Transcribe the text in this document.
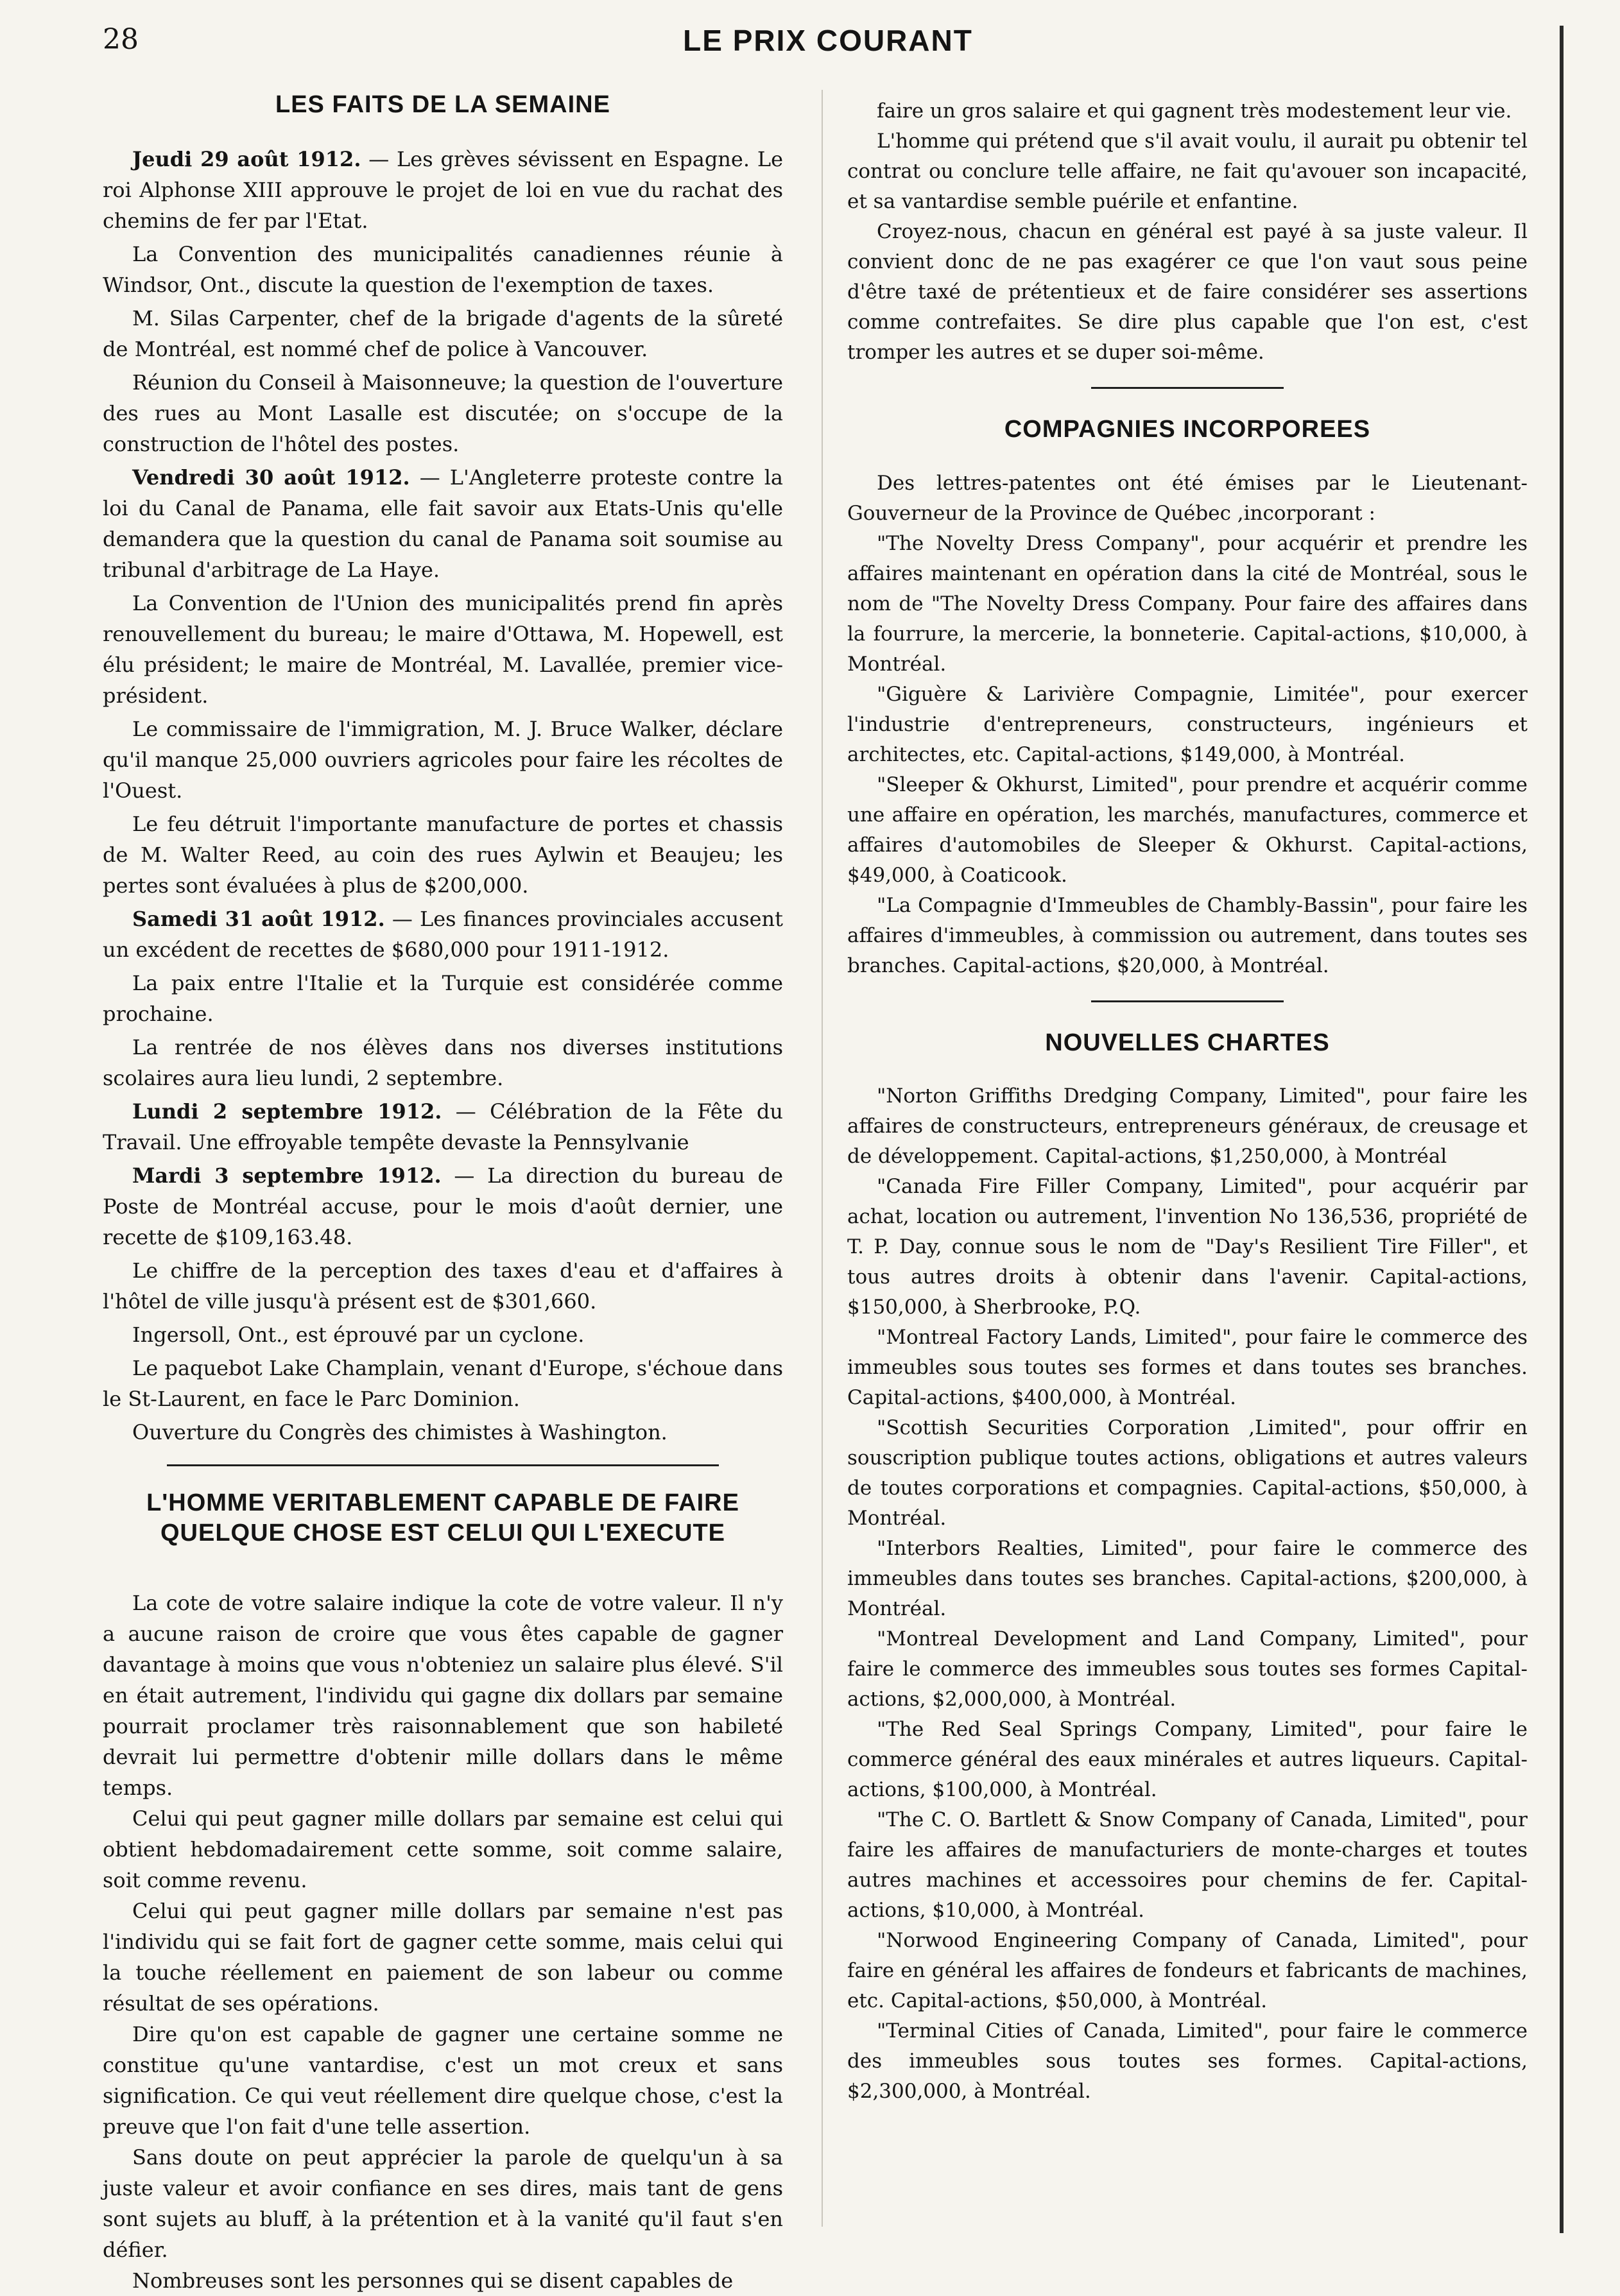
28	LE PRIX COURANT
LES FAITS DE LA SEMAINE

Jeudi 29 août 1912. — Les grèves sévissent en Espagne. Le roi Alphonse XIII approuve le projet de loi en vue du rachat des chemins de fer par l'Etat.

La Convention des municipalités canadiennes réunie à Windsor, Ont., discute la question de l'exemption de taxes.

M. Silas Carpenter, chef de la brigade d'agents de la sûreté de Montréal, est nommé chef de police à Vancouver.

Réunion du Conseil à Maisonneuve; la question de l'ouverture des rues au Mont Lasalle est discutée; on s'occupe de la construction de l'hôtel des postes.

Vendredi 30 août 1912. — L'Angleterre proteste contre la loi du Canal de Panama, elle fait savoir aux Etats-Unis qu'elle demandera que la question du canal de Panama soit soumise au tribunal d'arbitrage de La Haye.

La Convention de l'Union des municipalités prend fin après renouvellement du bureau; le maire d'Ottawa, M. Hopewell, est élu président; le maire de Montréal, M. Lavallée, premier vice-président.

Le commissaire de l'immigration, M. J. Bruce Walker, déclare qu'il manque 25,000 ouvriers agricoles pour faire les récoltes de l'Ouest.

Le feu détruit l'importante manufacture de portes et chassis de M. Walter Reed, au coin des rues Aylwin et Beaujeu; les pertes sont évaluées à plus de $200,000.

Samedi 31 août 1912. — Les finances provinciales accusent un excédent de recettes de $680,000 pour 1911-1912.

La paix entre l'Italie et la Turquie est considérée comme prochaine.

La rentrée de nos élèves dans nos diverses institutions scolaires aura lieu lundi, 2 septembre.

Lundi 2 septembre 1912. — Célébration de la Fête du Travail. Une effroyable tempête devaste la Pennsylvanie

Mardi 3 septembre 1912. — La direction du bureau de Poste de Montréal accuse, pour le mois d'août dernier, une recette de $109,163.48.

Le chiffre de la perception des taxes d'eau et d'affaires à l'hôtel de ville jusqu'à présent est de $301,660.

Ingersoll, Ont., est éprouvé par un cyclone.

Le paquebot Lake Champlain, venant d'Europe, s'échoue dans le St-Laurent, en face le Parc Dominion.

Ouverture du Congrès des chimistes à Washington.

L'HOMME VERITABLEMENT CAPABLE DE FAIRE
QUELQUE CHOSE EST CELUI QUI L'EXECUTE

La cote de votre salaire indique la cote de votre valeur. Il n'y a aucune raison de croire que vous êtes capable de gagner davantage à moins que vous n'obteniez un salaire plus élevé. S'il en était autrement, l'individu qui gagne dix dollars par semaine pourrait proclamer très raisonnablement que son habileté devrait lui permettre d'obtenir mille dollars dans le même temps.

Celui qui peut gagner mille dollars par semaine est celui qui obtient hebdomadairement cette somme, soit comme salaire, soit comme revenu.

Celui qui peut gagner mille dollars par semaine n'est pas l'individu qui se fait fort de gagner cette somme, mais celui qui la touche réellement en paiement de son labeur ou comme résultat de ses opérations.

Dire qu'on est capable de gagner une certaine somme ne constitue qu'une vantardise, c'est un mot creux et sans signification. Ce qui veut réellement dire quelque chose, c'est la preuve que l'on fait d'une telle assertion.

Sans doute on peut apprécier la parole de quelqu'un à sa juste valeur et avoir confiance en ses dires, mais tant de gens sont sujets au bluff, à la prétention et à la vanité qu'il faut s'en défier.

Nombreuses sont les personnes qui se disent capables de

faire un gros salaire et qui gagnent très modestement leur vie.

L'homme qui prétend que s'il avait voulu, il aurait pu obtenir tel contrat ou conclure telle affaire, ne fait qu'avouer son incapacité, et sa vantardise semble puérile et enfantine.

Croyez-nous, chacun en général est payé à sa juste valeur. Il convient donc de ne pas exagérer ce que l'on vaut sous peine d'être taxé de prétentieux et de faire considérer ses assertions comme contrefaites. Se dire plus capable que l'on est, c'est tromper les autres et se duper soi-même.

COMPAGNIES INCORPOREES

Des lettres-patentes ont été émises par le Lieutenant-Gouverneur de la Province de Québec ,incorporant :

"The Novelty Dress Company", pour acquérir et prendre les affaires maintenant en opération dans la cité de Montréal, sous le nom de "The Novelty Dress Company. Pour faire des affaires dans la fourrure, la mercerie, la bonneterie. Capital-actions, $10,000, à Montréal.

"Giguère & Larivière Compagnie, Limitée", pour exercer l'industrie d'entrepreneurs, constructeurs, ingénieurs et architectes, etc. Capital-actions, $149,000, à Montréal.

"Sleeper & Okhurst, Limited", pour prendre et acquérir comme une affaire en opération, les marchés, manufactures, commerce et affaires d'automobiles de Sleeper & Okhurst. Capital-actions, $49,000, à Coaticook.

"La Compagnie d'Immeubles de Chambly-Bassin", pour faire les affaires d'immeubles, à commission ou autrement, dans toutes ses branches. Capital-actions, $20,000, à Montréal.

NOUVELLES CHARTES

"Norton Griffiths Dredging Company, Limited", pour faire les affaires de constructeurs, entrepreneurs généraux, de creusage et de développement. Capital-actions, $1,250,000, à Montréal

"Canada Fire Filler Company, Limited", pour acquérir par achat, location ou autrement, l'invention No 136,536, propriété de T. P. Day, connue sous le nom de "Day's Resilient Tire Filler", et tous autres droits à obtenir dans l'avenir. Capital-actions, $150,000, à Sherbrooke, P.Q.

"Montreal Factory Lands, Limited", pour faire le commerce des immeubles sous toutes ses formes et dans toutes ses branches. Capital-actions, $400,000, à Montréal.

"Scottish Securities Corporation ,Limited", pour offrir en souscription publique toutes actions, obligations et autres valeurs de toutes corporations et compagnies. Capital-actions, $50,000, à Montréal.

"Interbors Realties, Limited", pour faire le commerce des immeubles dans toutes ses branches. Capital-actions, $200,000, à Montréal.

"Montreal Development and Land Company, Limited", pour faire le commerce des immeubles sous toutes ses formes Capital-actions, $2,000,000, à Montréal.

"The Red Seal Springs Company, Limited", pour faire le commerce général des eaux minérales et autres liqueurs. Capital-actions, $100,000, à Montréal.

"The C. O. Bartlett & Snow Company of Canada, Limited", pour faire les affaires de manufacturiers de monte-charges et toutes autres machines et accessoires pour chemins de fer. Capital-actions, $10,000, à Montréal.

"Norwood Engineering Company of Canada, Limited", pour faire en général les affaires de fondeurs et fabricants de machines, etc. Capital-actions, $50,000, à Montréal.

"Terminal Cities of Canada, Limited", pour faire le commerce des immeubles sous toutes ses formes. Capital-actions, $2,300,000, à Montréal.
